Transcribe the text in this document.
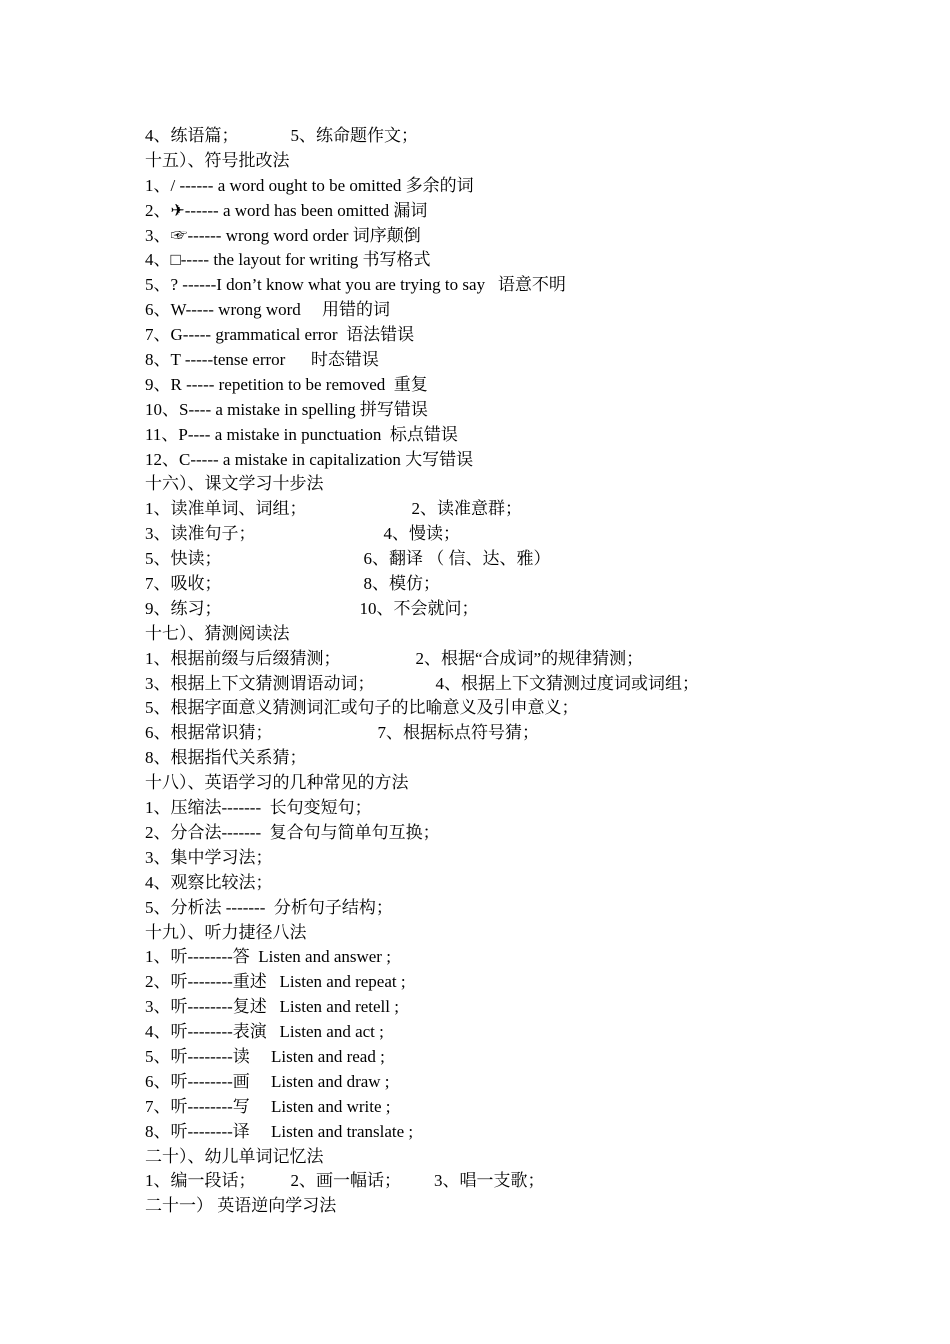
4、练语篇；	5、练命题作文；
十五）、符号批改法
1、/ ------ a word ought to be omitted 多余的词
2、✈------ a word has been omitted 漏词
3、☞------ wrong word order 词序颠倒
4、□----- the layout for writing 书写格式
5、? ------I don’t know what you are trying to say   语意不明
6、W----- wrong word     用错的词
7、G----- grammatical error  语法错误
8、T -----tense error      时态错误
9、R ----- repetition to be removed  重复
10、S---- a mistake in spelling 拼写错误
11、P---- a mistake in punctuation  标点错误
12、C----- a mistake in capitalization 大写错误
十六）、课文学习十步法
1、读准单词、词组；	2、读准意群；
3、读准句子；	4、慢读；
5、快读；	6、翻译 （ 信、达、雅）
7、吸收；	8、模仿；
9、练习；	10、不会就问；
十七）、猜测阅读法
1、根据前缀与后缀猜测；	2、根据“合成词”的规律猜测；
3、根据上下文猜测谓语动词；	4、根据上下文猜测过度词或词组；
5、根据字面意义猜测词汇或句子的比喻意义及引申意义；
6、根据常识猜；	7、根据标点符号猜；
8、根据指代关系猜；
十八）、英语学习的几种常见的方法
1、压缩法-------  长句变短句；
2、分合法-------  复合句与简单句互换；
3、集中学习法；
4、观察比较法；
5、分析法 -------  分析句子结构；
十九）、听力捷径八法
1、听--------答  Listen and answer ;
2、听--------重述   Listen and repeat ;
3、听--------复述   Listen and retell ;
4、听--------表演   Listen and act ;
5、听--------读     Listen and read ;
6、听--------画     Listen and draw ;
7、听--------写     Listen and write ;
8、听--------译     Listen and translate ;
二十）、幼儿单词记忆法
1、编一段话； 2、画一幅话； 3、唱一支歌；
二十一） 英语逆向学习法
